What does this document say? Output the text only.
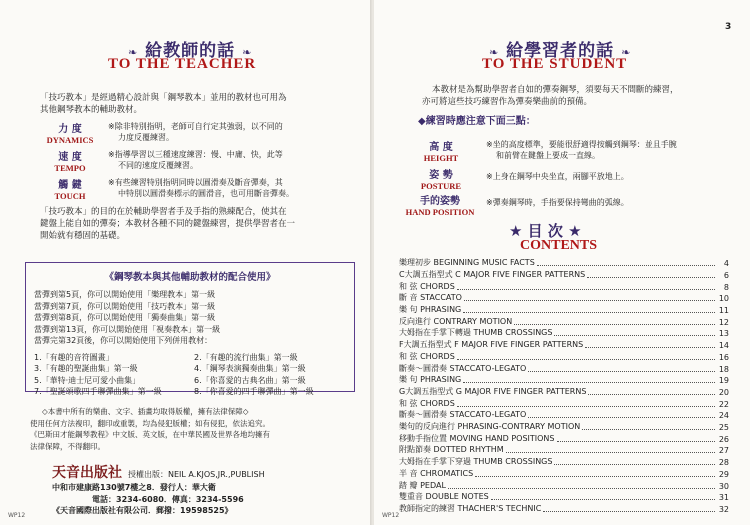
❧ 給教師的話 ❧
TO THE TEACHER
「技巧教本」是經過精心設計與「鋼琴教本」並用的教材也可用為
其他鋼琴教本的輔助教材。
力 度
DYNAMICS
※除非特別指明，老師可自行定其強弱，以不同的
力度反覆練習。
速 度
TEMPO
※指導學習以三種速度練習：慢、中庸、快，此等
不同的速度反覆練習。
觸 鍵
TOUCH
※有些練習特別指明同時以圓滑奏及斷音彈奏，其
中特別以圓滑奏標示的圓滑音，也可用斷音彈奏。
「技巧教本」的目的在於輔助學習者手及手指的熟練配合，使其在
鍵盤上能自如的彈奏；本教材各種不同的鍵盤練習，提供學習者在一
開始就有穩固的基礎。
《鋼琴教本與其他輔助教材的配合使用》
當彈到第5頁，你可以開始使用「樂理教本」第一級
當彈到第7頁，你可以開始使用「技巧教本」第一級
當彈到第8頁，你可以開始使用「獨奏曲集」第一級
當彈到第13頁，你可以開始使用「視奏教本」第一級
當彈完第32頁後，你可以開始使用下列併用教材：
1.「有趣的音符圖畫」	2.「有趣的流行曲集」第一級
3.「有趣的聖誕曲集」第一級	4.「鋼琴表演獨奏曲集」第一級
5.「華特·迪士尼可愛小曲集」	6.「你喜愛的古典名曲」第一級
7.「聖誕頌歌四手聯彈曲集」第一級	8.「你喜愛的四手聯彈曲」第一級
◇本書中所有的樂曲、文字、插畫均取得版權，擁有法律保障◇
使用任何方法複印，翻印或重製，均為侵犯版權；如有侵犯，依法追究。
《巴斯田才能鋼琴教程》中文版、英文版，在中華民國及世界各地均擁有
法律保障，不得翻印。
天音出版社 授權出版：NEIL A.KJOS,JR.,PUBLISH
中和市建康路130號7樓之8．發行人：華大衛
電話：3234-6080．傳真：3234-5596
《天音國際出版社有限公司．郵撥：19598525》
WP12
3
❧ 給學習者的話 ❧
TO THE STUDENT
本教材是為幫助學習者自如的彈奏鋼琴，須要每天不間斷的練習，
亦可將這些技巧練習作為彈奏樂曲前的預備。
◆練習時應注意下面三點：
高 度
HEIGHT
※坐的高度標準，要能很舒適得按觸到鋼琴：並且手腕
和前臂在鍵盤上要成一直線。
姿 勢
POSTURE
※上身在鋼琴中央坐直，兩腳平放地上。
手的姿勢
HAND POSITION
※彈奏鋼琴時，手指要保持彎曲的弧線。
★ 目 次 ★
CONTENTS
樂理初步 BEGINNING MUSIC FACTS	4
C大調五指型式 C MAJOR FIVE FINGER PATTERNS	6
和 弦 CHORDS	8
斷 音 STACCATO	10
樂 句 PHRASING	11
反向進行 CONTRARY MOTION	12
大姆指在手掌下轉過 THUMB CROSSINGS	13
F大調五指型式 F MAJOR FIVE FINGER PATTERNS	14
和 弦 CHORDS	16
斷奏～圓滑奏 STACCATO-LEGATO	18
樂 句 PHRASING	19
G大調五指型式 G MAJOR FIVE FINGER PATTERNS	20
和 弦 CHORDS	22
斷奏～圓滑奏 STACCATO-LEGATO	24
樂句的反向進行 PHRASING-CONTRARY MOTION	25
移動手指位置 MOVING HAND POSITIONS	26
附點節奏 DOTTED RHYTHM	27
大姆指在手掌下穿過 THUMB CROSSINGS	28
半 音 CHROMATICS	29
踏 瓣 PEDAL	30
雙重音 DOUBLE NOTES	31
教師指定的練習 THACHER'S TECHNIC	32
WP12
